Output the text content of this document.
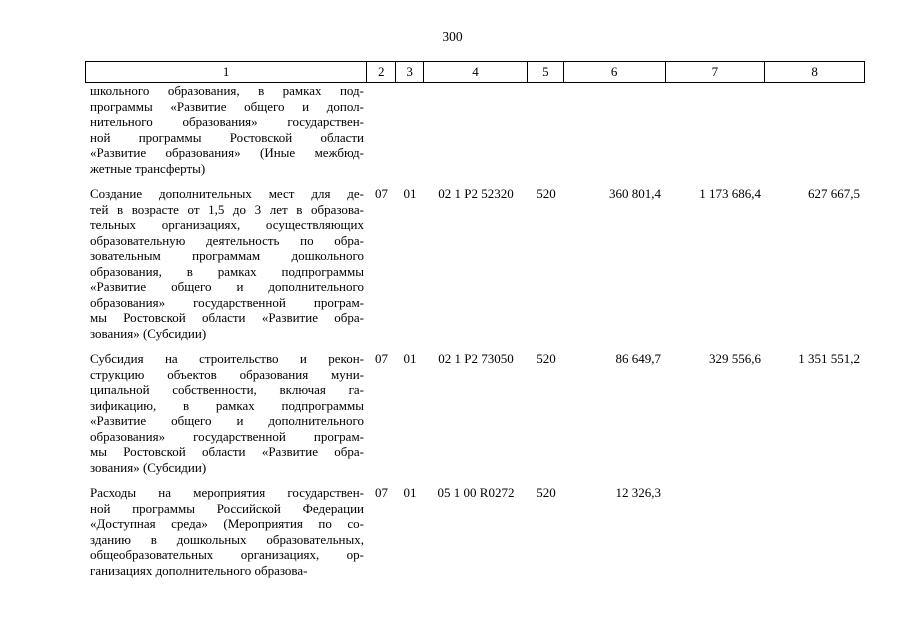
300
1	2	3	4	5	6	7	8
школьного образования, в рамках под-
программы «Развитие общего и допол-
нительного образования» государствен-
ной программы Ростовской области
«Развитие образования» (Иные межбюд-
жетные трансферты)
Создание дополнительных мест для де-
тей в возрасте от 1,5 до 3 лет в образова-
тельных организациях, осуществляющих
образовательную деятельность по обра-
зовательным программам дошкольного
образования, в рамках подпрограммы
«Развитие общего и дополнительного
образования» государственной програм-
мы Ростовской области «Развитие обра-
зования» (Субсидии)
07	01	02 1 P2 52320	520	360 801,4	1 173 686,4	627 667,5
Субсидия на строительство и рекон-
струкцию объектов образования муни-
ципальной собственности, включая га-
зификацию, в рамках подпрограммы
«Развитие общего и дополнительного
образования» государственной програм-
мы Ростовской области «Развитие обра-
зования» (Субсидии)
07	01	02 1 P2 73050	520	86 649,7	329 556,6	1 351 551,2
Расходы на мероприятия государствен-
ной программы Российской Федерации
«Доступная среда» (Мероприятия по со-
зданию в дошкольных образовательных,
общеобразовательных организациях, ор-
ганизациях дополнительного образова-
07	01	05 1 00 R0272	520	12 326,3
